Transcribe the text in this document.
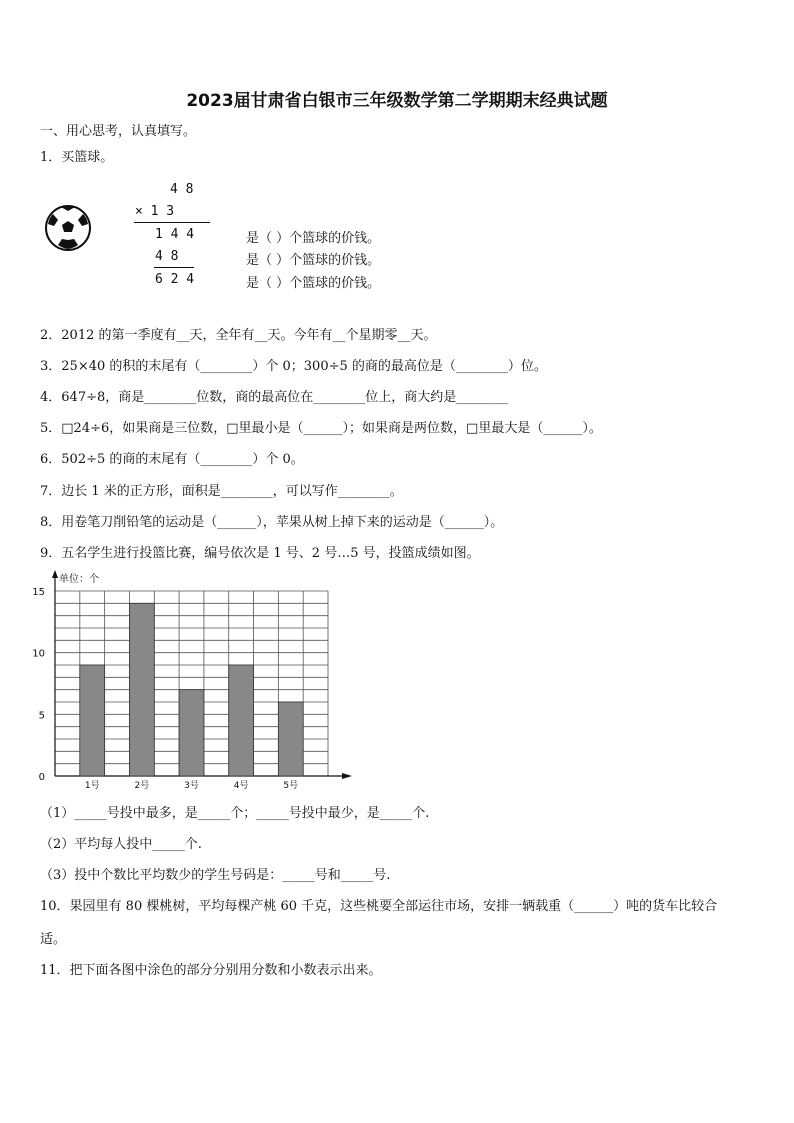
2023届甘肃省白银市三年级数学第二学期期末经典试题
一、用心思考，认真填写。
1．买篮球。
4 8
× 1 3
1 4 4
4 8
6 2 4
是（ ）个篮球的价钱。
是（ ）个篮球的价钱。
是（ ）个篮球的价钱。
2．2012 的第一季度有__天，全年有__天。今年有__个星期零__天。
3．25×40 的积的末尾有（________）个 0；300÷5 的商的最高位是（________）位。
4．647÷8，商是________位数，商的最高位在________位上，商大约是________
5．□24÷6，如果商是三位数，□里最小是（______）；如果商是两位数，□里最大是（______）。
6．502÷5 的商的末尾有（________）个 0。
7．边长 1 米的正方形，面积是________，可以写作________。
8．用卷笔刀削铅笔的运动是（______），苹果从树上掉下来的运动是（______）。
9．五名学生进行投篮比赛，编号依次是 1 号、2 号…5 号，投篮成绩如图。
单位：个
0
5
10
15
1号	2号	3号	4号	5号
（1）_____号投中最多，是_____个；_____号投中最少，是_____个.
（2）平均每人投中_____个.
（3）投中个数比平均数少的学生号码是：_____号和_____号.
10．果园里有 80 棵桃树，平均每棵产桃 60 千克，这些桃要全部运往市场，安排一辆载重（______）吨的货车比较合
适。
11．把下面各图中涂色的部分分别用分数和小数表示出来。
